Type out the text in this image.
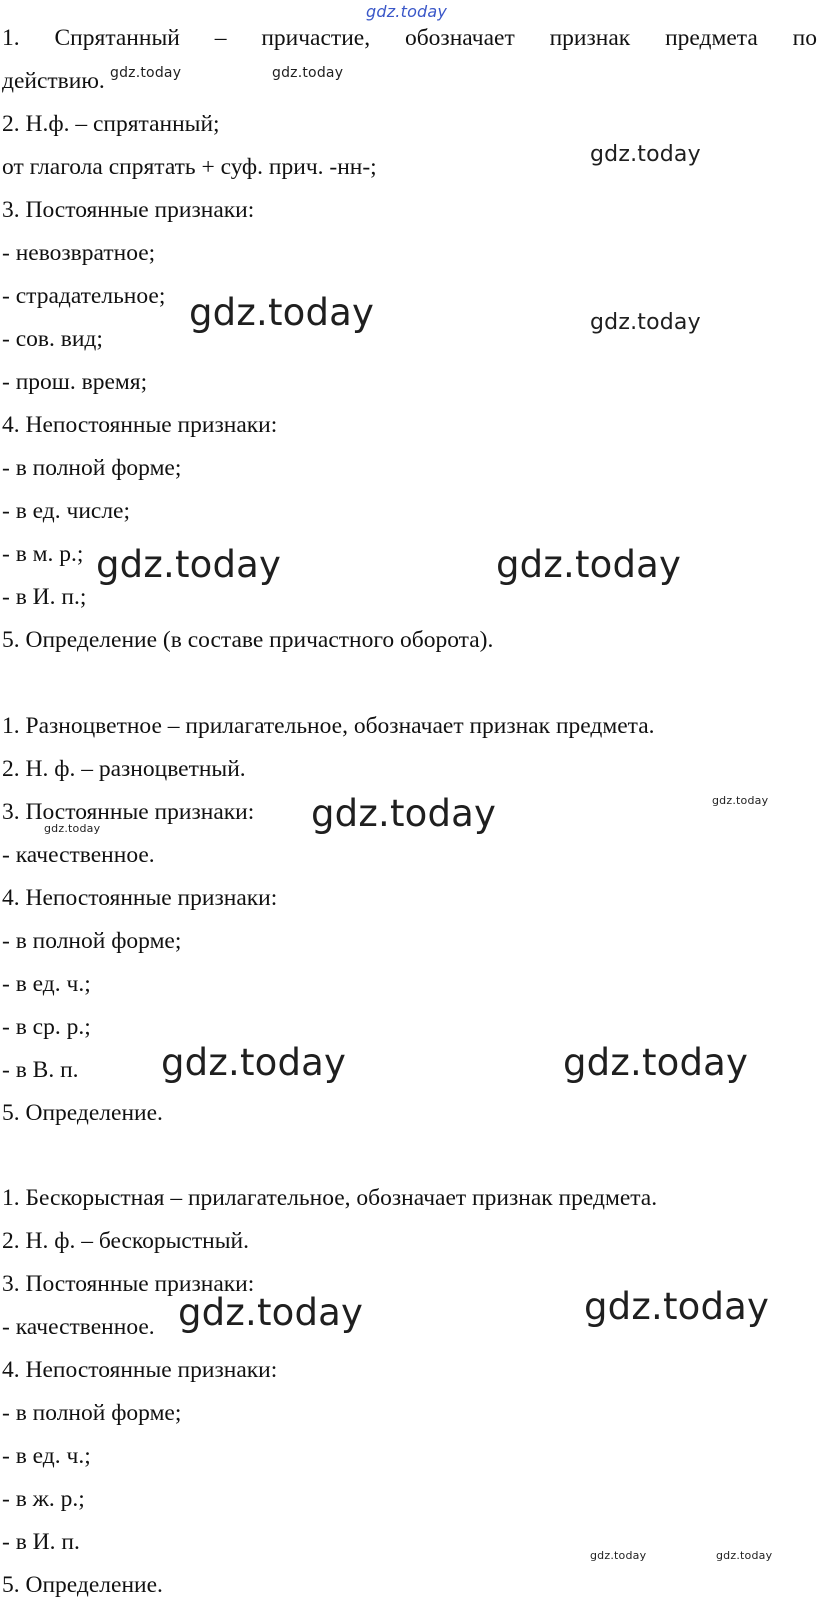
gdz.today
1. Спрятанный – причастие, обозначает признак предмета по
действию.
2. Н.ф. – спрятанный;
от глагола спрятать + суф. прич. -нн-;
3. Постоянные признаки:
- невозвратное;
- страдательное;
- сов. вид;
- прош. время;
4. Непостоянные признаки:
- в полной форме;
- в ед. числе;
- в м. р.;
- в И. п.;
5. Определение (в составе причастного оборота).
1. Разноцветное – прилагательное, обозначает признак предмета.
2. Н. ф. – разноцветный.
3. Постоянные признаки:
- качественное.
4. Непостоянные признаки:
- в полной форме;
- в ед. ч.;
- в ср. р.;
- в В. п.
5. Определение.
1. Бескорыстная – прилагательное, обозначает признак предмета.
2. Н. ф. – бескорыстный.
3. Постоянные признаки:
- качественное.
4. Непостоянные признаки:
- в полной форме;
- в ед. ч.;
- в ж. р.;
- в И. п.
5. Определение.
gdz.today	gdz.today
gdz.today
gdz.today	gdz.today
gdz.today	gdz.today
gdz.today
gdz.today
gdz.today
gdz.today	gdz.today
gdz.today	gdz.today
gdz.today	gdz.today
